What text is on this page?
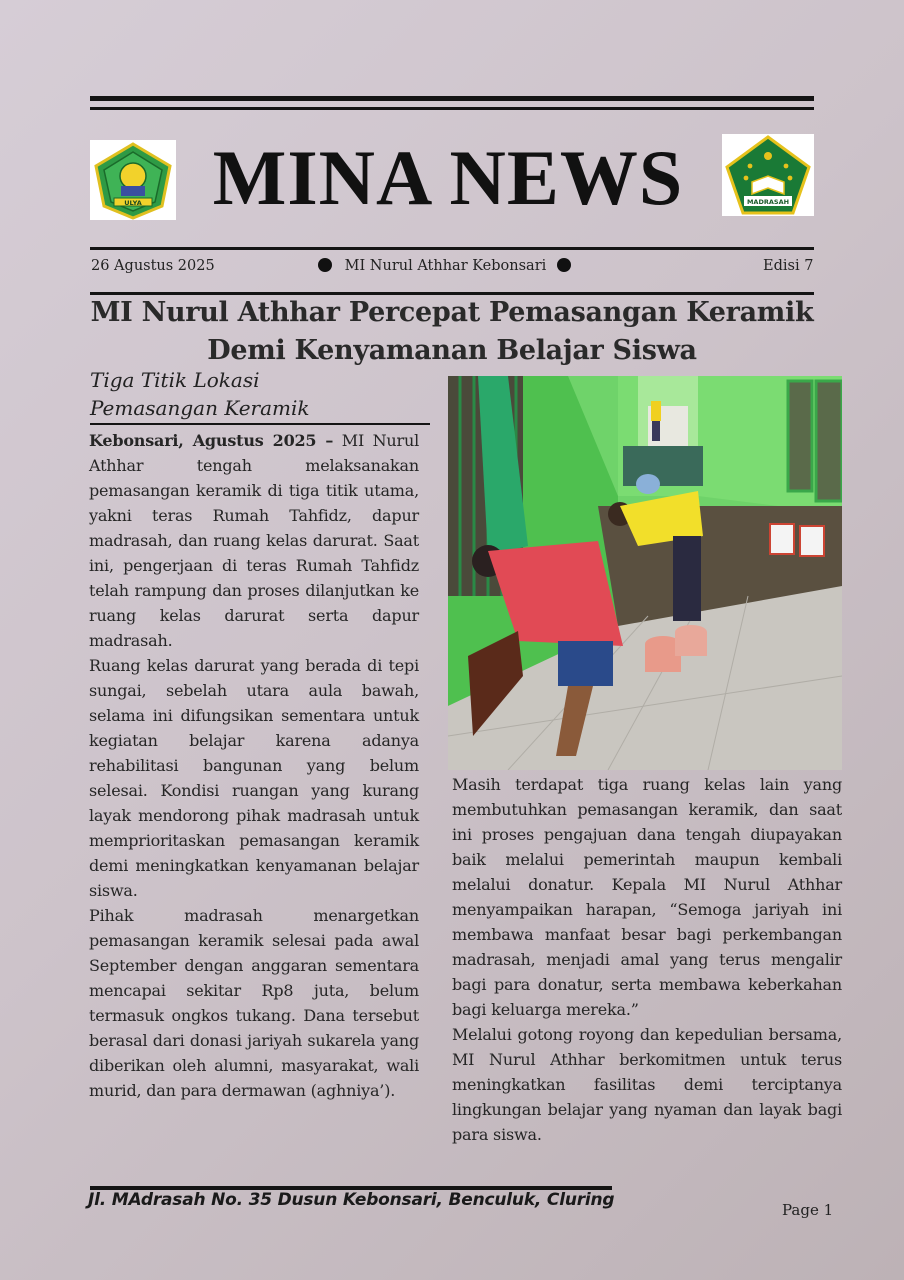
ULYA MINA NEWS	MADRASAH
26 Agustus 2025	MI Nurul Athhar Kebonsari	Edisi 7
MI Nurul Athhar Percepat Pemasangan Keramik
Demi Kenyamanan Belajar Siswa
Tiga Titik Lokasi
Pemasangan Keramik

Kebonsari, Agustus 2025 – MI Nurul Athhar tengah melaksanakan pemasangan keramik di tiga titik utama, yakni teras Rumah Tahfidz, dapur madrasah, dan ruang kelas darurat. Saat ini, pengerjaan di teras Rumah Tahfidz telah rampung dan proses dilanjutkan ke ruang kelas darurat serta dapur madrasah.

Ruang kelas darurat yang berada di tepi sungai, sebelah utara aula bawah, selama ini difungsikan sementara untuk kegiatan belajar karena adanya rehabilitasi bangunan yang belum selesai. Kondisi ruangan yang kurang layak mendorong pihak madrasah untuk memprioritaskan pemasangan keramik demi meningkatkan kenyamanan belajar siswa.

Pihak madrasah menargetkan pemasangan keramik selesai pada awal September dengan anggaran sementara mencapai sekitar Rp8 juta, belum termasuk ongkos tukang. Dana tersebut berasal dari donasi jariyah sukarela yang diberikan oleh alumni, masyarakat, wali murid, dan para dermawan (aghniya’).

Masih terdapat tiga ruang kelas lain yang membutuhkan pemasangan keramik, dan saat ini proses pengajuan dana tengah diupayakan baik melalui pemerintah maupun kembali melalui donatur. Kepala MI Nurul Athhar menyampaikan harapan, “Semoga jariyah ini membawa manfaat besar bagi perkembangan madrasah, menjadi amal yang terus mengalir bagi para donatur, serta membawa keberkahan bagi keluarga mereka.”

Melalui gotong royong dan kepedulian bersama, MI Nurul Athhar berkomitmen untuk terus meningkatkan fasilitas demi terciptanya lingkungan belajar yang nyaman dan layak bagi para siswa.

Jl. MAdrasah No. 35 Dusun Kebonsari, Benculuk, Cluring	Page 1
